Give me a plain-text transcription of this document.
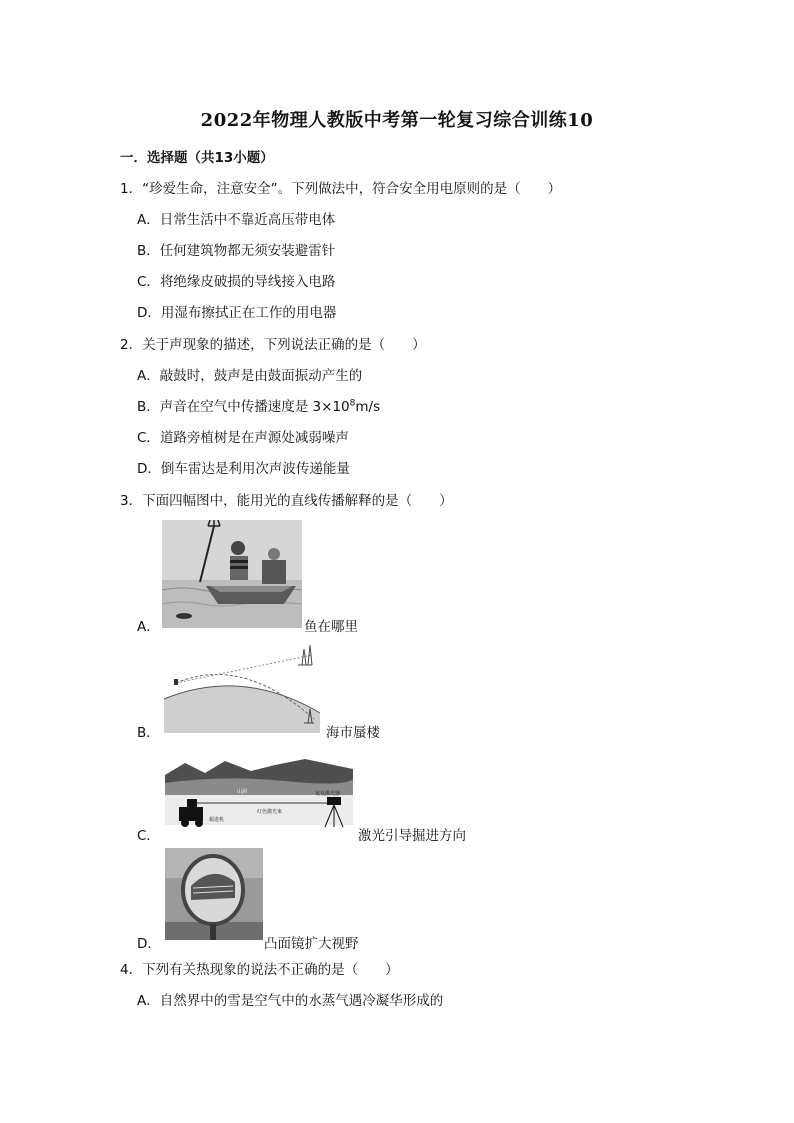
2022年物理人教版中考第一轮复习综合训练10
一．选择题（共13小题）
1．“珍爱生命，注意安全”。下列做法中，符合安全用电原则的是（　　）
A．日常生活中不靠近高压带电体
B．任何建筑物都无须安装避雷针
C．将绝缘皮破损的导线接入电路
D．用湿布擦拭正在工作的用电器
2．关于声现象的描述，下列说法正确的是（　　）
A．敲鼓时，鼓声是由鼓面振动产生的
B．声音在空气中传播速度是 $3\times 10^8m/s$
C．道路旁植树是在声源处减弱噪声
D．倒车雷达是利用次声波传递能量
3．下面四幅图中，能用光的直线传播解释的是（　　）
A．	鱼在哪里
B．	海市蜃楼
山洞
红色激光束
掘进机
氦氖激光器
C．	激光引导掘进方向
D．	凸面镜扩大视野
4．下列有关热现象的说法不正确的是（　　）
A．自然界中的雪是空气中的水蒸气遇冷凝华形成的
